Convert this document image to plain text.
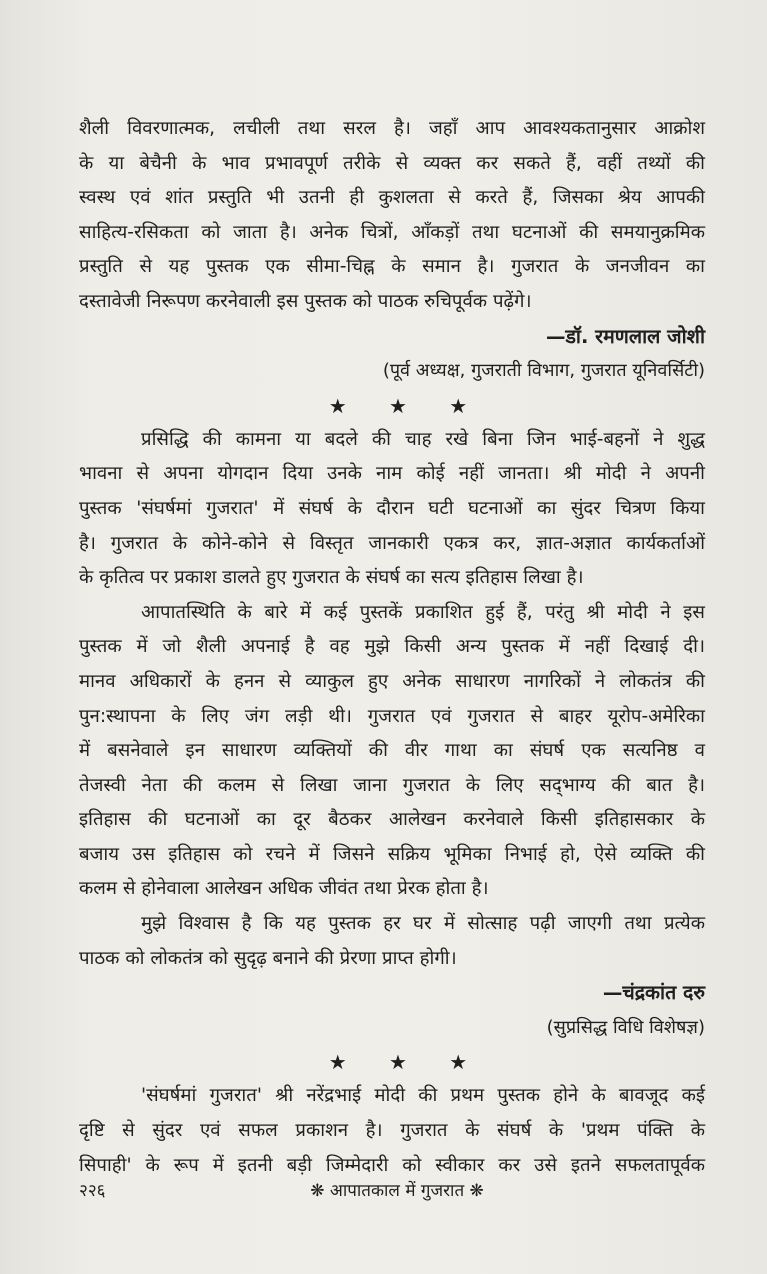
शैली विवरणात्मक, लचीली तथा सरल है। जहाँ आप आवश्यकतानुसार आक्रोश
के या बेचैनी के भाव प्रभावपूर्ण तरीके से व्यक्त कर सकते हैं, वहीं तथ्यों की
स्वस्थ एवं शांत प्रस्तुति भी उतनी ही कुशलता से करते हैं, जिसका श्रेय आपकी
साहित्य-रसिकता को जाता है। अनेक चित्रों, आँकड़ों तथा घटनाओं की समयानुक्रमिक
प्रस्तुति से यह पुस्तक एक सीमा-चिह्न के समान है। गुजरात के जनजीवन का
दस्तावेजी निरूपण करनेवाली इस पुस्तक को पाठक रुचिपूर्वक पढ़ेंगे।
—डॉ. रमणलाल जोशी
(पूर्व अध्यक्ष, गुजराती विभाग, गुजरात यूनिवर्सिटी)
★ ★ ★
प्रसिद्धि की कामना या बदले की चाह रखे बिना जिन भाई-बहनों ने शुद्ध
भावना से अपना योगदान दिया उनके नाम कोई नहीं जानता। श्री मोदी ने अपनी
पुस्तक 'संघर्षमां गुजरात' में संघर्ष के दौरान घटी घटनाओं का सुंदर चित्रण किया
है। गुजरात के कोने-कोने से विस्तृत जानकारी एकत्र कर, ज्ञात-अज्ञात कार्यकर्ताओं
के कृतित्व पर प्रकाश डालते हुए गुजरात के संघर्ष का सत्य इतिहास लिखा है।
आपातस्थिति के बारे में कई पुस्तकें प्रकाशित हुई हैं, परंतु श्री मोदी ने इस
पुस्तक में जो शैली अपनाई है वह मुझे किसी अन्य पुस्तक में नहीं दिखाई दी।
मानव अधिकारों के हनन से व्याकुल हुए अनेक साधारण नागरिकों ने लोकतंत्र की
पुन:स्थापना के लिए जंग लड़ी थी। गुजरात एवं गुजरात से बाहर यूरोप-अमेरिका
में बसनेवाले इन साधारण व्यक्तियों की वीर गाथा का संघर्ष एक सत्यनिष्ठ व
तेजस्वी नेता की कलम से लिखा जाना गुजरात के लिए सद्‌भाग्य की बात है।
इतिहास की घटनाओं का दूर बैठकर आलेखन करनेवाले किसी इतिहासकार के
बजाय उस इतिहास को रचने में जिसने सक्रिय भूमिका निभाई हो, ऐसे व्यक्ति की
कलम से होनेवाला आलेखन अधिक जीवंत तथा प्रेरक होता है।
मुझे विश्वास है कि यह पुस्तक हर घर में सोत्साह पढ़ी जाएगी तथा प्रत्येक
पाठक को लोकतंत्र को सुदृढ़ बनाने की प्रेरणा प्राप्त होगी।
—चंद्रकांत दरु
(सुप्रसिद्ध विधि विशेषज्ञ)
★ ★ ★
'संघर्षमां गुजरात' श्री नरेंद्रभाई मोदी की प्रथम पुस्तक होने के बावजूद कई
दृष्टि से सुंदर एवं सफल प्रकाशन है। गुजरात के संघर्ष के 'प्रथम पंक्ति के
सिपाही' के रूप में इतनी बड़ी जिम्मेदारी को स्वीकार कर उसे इतने सफलतापूर्वक
२२६	❋ आपातकाल में गुजरात ❋
